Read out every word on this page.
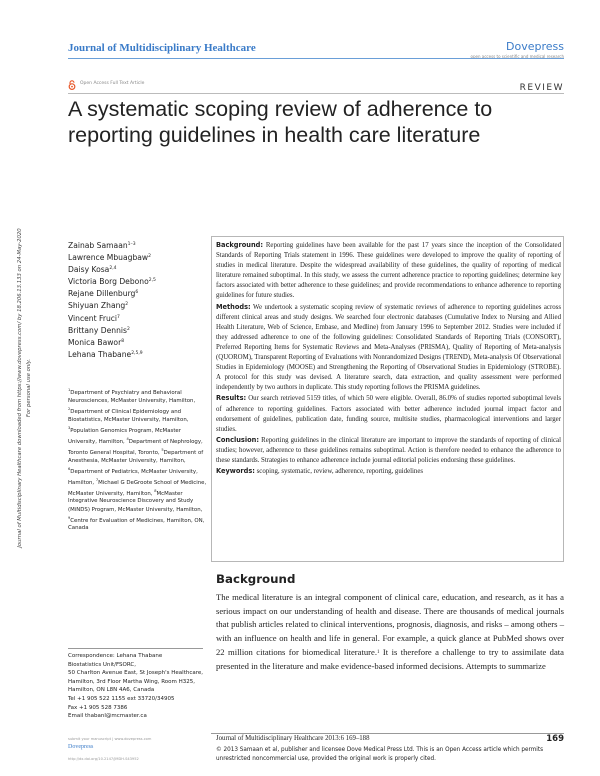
Journal of Multidisciplinary Healthcare	Dovepress
open access to scientific and medical research
Open Access Full Text Article	REVIEW
A systematic scoping review of adherence to reporting guidelines in health care literature
Journal of Multidisciplinary Healthcare downloaded from https://www.dovepress.com/ by 18.206.13.133 on 24-May-2020 For personal use only.
Zainab Samaan$^{1-3}$
Lawrence Mbuagbaw$^2$
Daisy Kosa$^{2,4}$
Victoria Borg Debono$^{2,5}$
Rejane Dillenburg$^6$
Shiyuan Zhang$^2$
Vincent Fruci$^7$
Brittany Dennis$^2$
Monica Bawor$^8$
Lehana Thabane$^{2,5,9}$
$^1$Department of Psychiatry and Behavioral Neurosciences, McMaster University, Hamilton, $^2$Department of Clinical Epidemiology and Biostatistics, McMaster University, Hamilton, $^3$Population Genomics Program, McMaster University, Hamilton, $^4$Department of Nephrology, Toronto General Hospital, Toronto, $^5$Department of Anesthesia, McMaster University, Hamilton, $^6$Department of Pediatrics, McMaster University, Hamilton, $^7$Michael G DeGroote School of Medicine, McMaster University, Hamilton, $^8$McMaster Integrative Neuroscience Discovery and Study (MiNDS) Program, McMaster University, Hamilton, $^9$Centre for Evaluation of Medicines, Hamilton, ON, Canada

Background: Reporting guidelines have been available for the past 17 years since the inception of the Consolidated Standards of Reporting Trials statement in 1996. These guidelines were developed to improve the quality of reporting of studies in medical literature. Despite the widespread availability of these guidelines, the quality of reporting of medical literature remained suboptimal. In this study, we assess the current adherence practice to reporting guidelines; determine key factors associated with better adherence to these guidelines; and provide recommendations to enhance adherence to reporting guidelines for future studies.

Methods: We undertook a systematic scoping review of systematic reviews of adherence to reporting guidelines across different clinical areas and study designs. We searched four electronic databases (Cumulative Index to Nursing and Allied Health Literature, Web of Science, Embase, and Medline) from January 1996 to September 2012. Studies were included if they addressed adherence to one of the following guidelines: Consolidated Standards of Reporting Trials (CONSORT), Preferred Reporting Items for Systematic Reviews and Meta-Analyses (PRISMA), Quality of Reporting of Meta-analysis (QUOROM), Transparent Reporting of Evaluations with Nonrandomized Designs (TREND), Meta-analysis Of Observational Studies in Epidemiology (MOOSE) and Strengthening the Reporting of Observational Studies in Epidemiology (STROBE). A protocol for this study was devised. A literature search, data extraction, and quality assessment were performed independently by two authors in duplicate. This study reporting follows the PRISMA guidelines.

Results: Our search retrieved 5159 titles, of which 50 were eligible. Overall, 86.0% of studies reported suboptimal levels of adherence to reporting guidelines. Factors associated with better adherence included journal impact factor and endorsement of guidelines, publication date, funding source, multisite studies, pharmacological interventions and larger studies.

Conclusion: Reporting guidelines in the clinical literature are important to improve the standards of reporting of clinical studies; however, adherence to these guidelines remains suboptimal. Action is therefore needed to enhance the adherence to these standards. Strategies to enhance adherence include journal editorial policies endorsing these guidelines.

Keywords: scoping, systematic, review, adherence, reporting, guidelines

Background
The medical literature is an integral component of clinical care, education, and research, as it has a serious impact on our understanding of health and disease. There are thousands of medical journals that publish articles related to clinical interventions, prognosis, diagnosis, and risks – among others – with an influence on health and life in general. For example, a quick glance at PubMed shows over 22 million citations for biomedical literature.$^1$ It is therefore a challenge to try to assimilate data presented in the literature and make evidence-based informed decisions. Attempts to summarize
Correspondence: Lehana Thabane
Biostatistics Unit/FSORC,
50 Charlton Avenue East, St Joseph's Healthcare, Hamilton, 3rd Floor Martha Wing, Room H325, Hamilton, ON L8N 4A6, Canada
Tel +1 905 522 1155 ext 33720/34905
Fax +1 905 528 7386
Email thabanl@mcmaster.ca
submit your manuscript | www.dovepress.com
Dovepress
http://dx.doi.org/10.2147/JMDH.S43952
Journal of Multidisciplinary Healthcare 2013:6 169–188	169
© 2013 Samaan et al, publisher and licensee Dove Medical Press Ltd. This is an Open Access article which permits unrestricted noncommercial use, provided the original work is properly cited.
